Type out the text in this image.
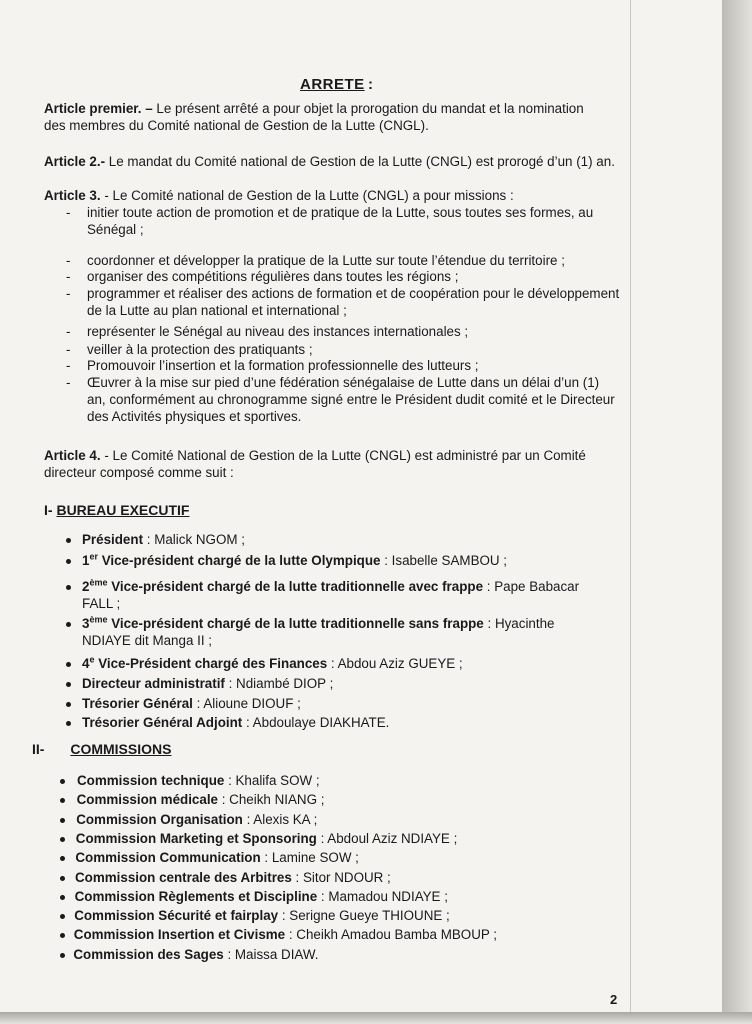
ARRETE :
Article premier. – Le présent arrêté a pour objet la prorogation du mandat et la nomination
des membres du Comité national de Gestion de la Lutte (CNGL).
Article 2.- Le mandat du Comité national de Gestion de la Lutte (CNGL) est prorogé d’un (1) an.
Article 3. - Le Comité national de Gestion de la Lutte (CNGL) a pour missions :
- initier toute action de promotion et de pratique de la Lutte, sous toutes ses formes, au
Sénégal ;
- coordonner et développer la pratique de la Lutte sur toute l’étendue du territoire ;
- organiser des compétitions régulières dans toutes les régions ;
- programmer et réaliser des actions de formation et de coopération pour le développement
de la Lutte au plan national et international ;
- représenter le Sénégal au niveau des instances internationales ;
- veiller à la protection des pratiquants ;
- Promouvoir l’insertion et la formation professionnelle des lutteurs ;
- Œuvrer à la mise sur pied d’une fédération sénégalaise de Lutte dans un délai d’un (1)
an, conformément au chronogramme signé entre le Président dudit comité et le Directeur
des Activités physiques et sportives.
Article 4. - Le Comité National de Gestion de la Lutte (CNGL) est administré par un Comité
directeur composé comme suit :
I- BUREAU EXECUTIF
Président : Malick NGOM ;
1er Vice-président chargé de la lutte Olympique : Isabelle SAMBOU ;
2ème Vice-président chargé de la lutte traditionnelle avec frappe : Pape Babacar
FALL ;
3ème Vice-président chargé de la lutte traditionnelle sans frappe : Hyacinthe
NDIAYE dit Manga II ;
4e Vice-Président chargé des Finances : Abdou Aziz GUEYE ;
Directeur administratif : Ndiambé DIOP ;
Trésorier Général : Alioune DIOUF ;
Trésorier Général Adjoint : Abdoulaye DIAKHATE.
II- COMMISSIONS
Commission technique : Khalifa SOW ;
Commission médicale : Cheikh NIANG ;
Commission Organisation : Alexis KA ;
Commission Marketing et Sponsoring : Abdoul Aziz NDIAYE ;
Commission Communication : Lamine SOW ;
Commission centrale des Arbitres : Sitor NDOUR ;
Commission Règlements et Discipline : Mamadou NDIAYE ;
Commission Sécurité et fairplay : Serigne Gueye THIOUNE ;
Commission Insertion et Civisme : Cheikh Amadou Bamba MBOUP ;
Commission des Sages : Maissa DIAW.
2
